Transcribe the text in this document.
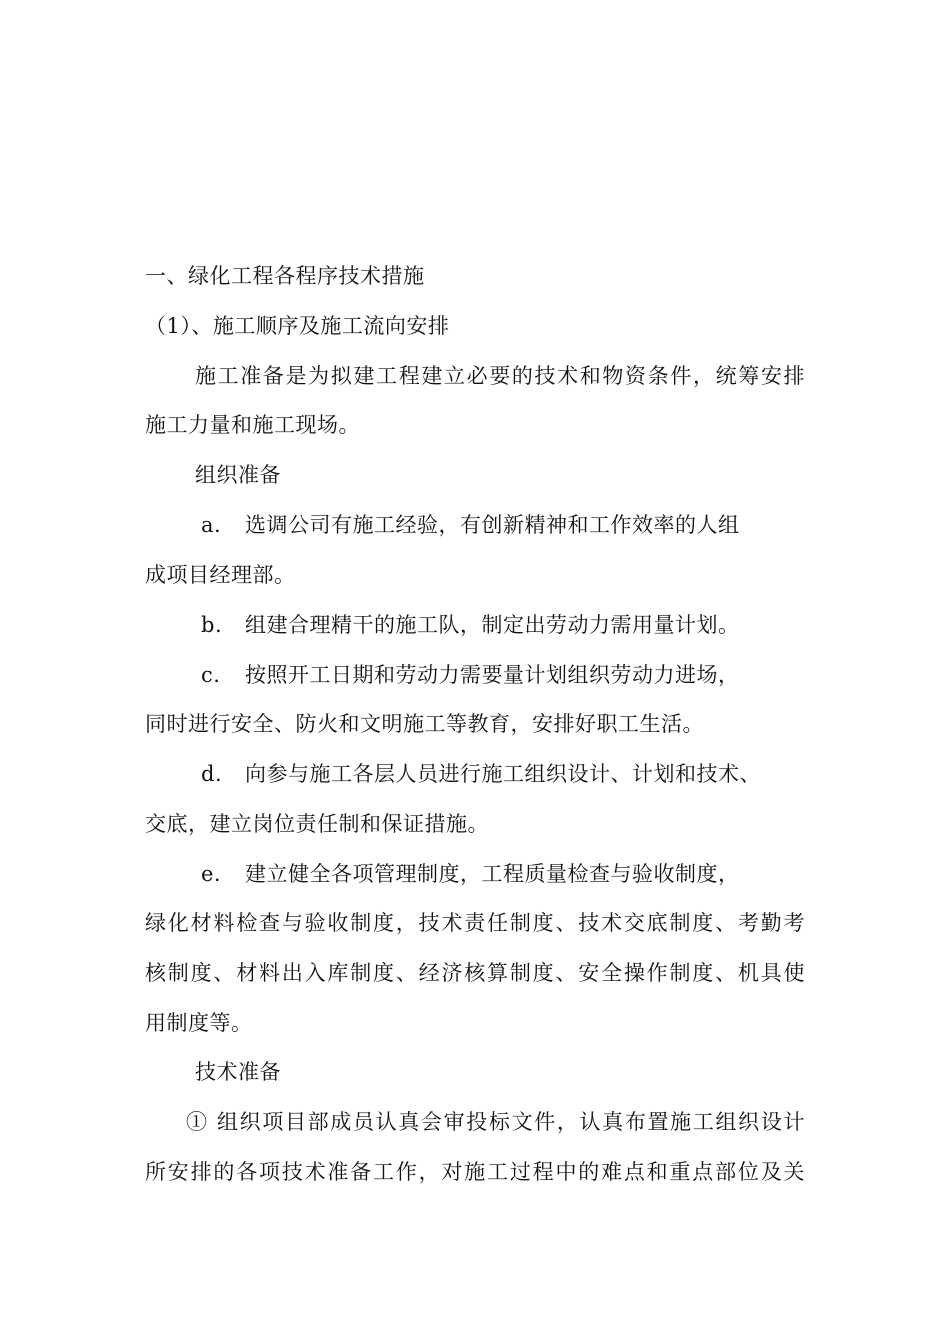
一、绿化工程各程序技术措施
（1）、施工顺序及施工流向安排
施工准备是为拟建工程建立必要的技术和物资条件，统筹安排
施工力量和施工现场。
组织准备
a. 选调公司有施工经验，有创新精神和工作效率的人组
成项目经理部。
b. 组建合理精干的施工队，制定出劳动力需用量计划。
c. 按照开工日期和劳动力需要量计划组织劳动力进场，
同时进行安全、防火和文明施工等教育，安排好职工生活。
d. 向参与施工各层人员进行施工组织设计、计划和技术、
交底，建立岗位责任制和保证措施。
e. 建立健全各项管理制度，工程质量检查与验收制度，
绿化材料检查与验收制度，技术责任制度、技术交底制度、考勤考
核制度、材料出入库制度、经济核算制度、安全操作制度、机具使
用制度等。
技术准备
① 组织项目部成员认真会审投标文件，认真布置施工组织设计
所安排的各项技术准备工作，对施工过程中的难点和重点部位及关
